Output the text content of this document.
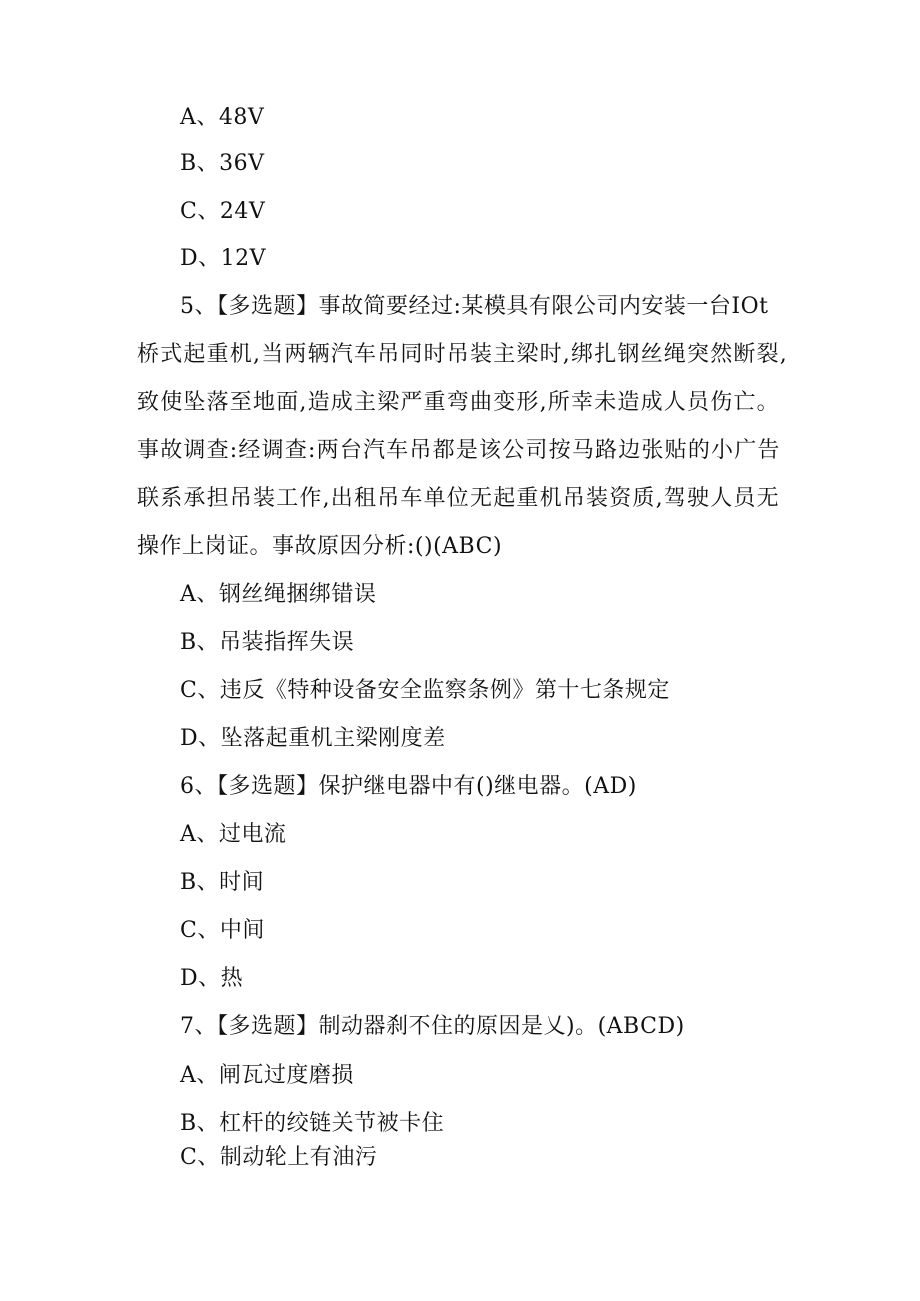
A、48V
B、36V
C、24V
D、12V
5、【多选题】事故简要经过:某模具有限公司内安装一台IOt
桥式起重机,当两辆汽车吊同时吊装主梁时,绑扎钢丝绳突然断裂,
致使坠落至地面,造成主梁严重弯曲变形,所幸未造成人员伤亡。
事故调查:经调查:两台汽车吊都是该公司按马路边张贴的小广告
联系承担吊装工作,出租吊车单位无起重机吊装资质,驾驶人员无
操作上岗证。事故原因分析:()(ABC)
A、钢丝绳捆绑错误
B、吊装指挥失误
C、违反《特种设备安全监察条例》第十七条规定
D、坠落起重机主梁刚度差
6、【多选题】保护继电器中有()继电器。(AD)
A、过电流
B、时间
C、中间
D、热
7、【多选题】制动器刹不住的原因是乂)。(ABCD)
A、闸瓦过度磨损
B、杠杆的绞链关节被卡住
C、制动轮上有油污
